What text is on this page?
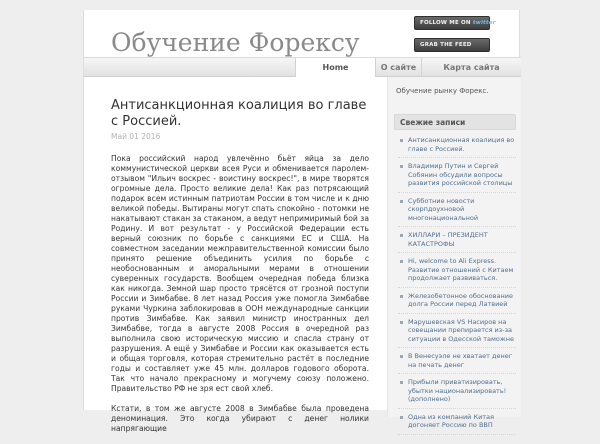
Обучение Форексу
FOLLOW ME ON twitter
GRAB THE FEED
Home	О сайте	Карта сайта
Антисанкционная коалиция во главе с Россией.
Май 01 2016

Пока российский народ увлечённо бьёт яйца за дело коммунистической церкви всея Руси и обменивается паролем-отзывом "Ильич воскрес - воистину воскрес!", в мире творятся огромные дела. Просто великие дела! Как раз потрясающий подарок всем истинным патриотам России в том числе и к дню великой победы. Вытираны могут спать спокойно - потомки не накатывают стакан за стаканом, а ведут непримиримый бой за Родину. И вот результат - у Российской Федерации есть верный союзник по борьбе с санкциями ЕС и США. На совместном заседании межправительственной комиссии было принято решение объединить усилия по борьбе с необоснованным и аморальными мерами в отношении суверенных государств. Вообщем очередная победа близка как никогда. Земной шар просто трясётся от грозной поступи России и Зимбабве. 8 лет назад Россия уже помогла Зимбабве руками Чуркина заблокировав в ООН международные санкции против Зимбабве. Как заявил министр иностранных дел Зимбабве, тогда в августе 2008 Россия в очередной раз выполнила свою историческую миссию и спасла страну от разрушения. А ещё у Зимбабве и России как оказывается есть и общая торговля, которая стремительно растёт в последние годы и составляет уже 45 млн. долларов годового оборота. Так что начало прекрасному и могучему союзу положено. Правительство РФ не зря ест свой хлеб.

Кстати, в том же августе 2008 в Зимбабве была проведена деноминация. Это когда убирают с денег нолики напрягающие

Обучение рынку Форекс.
Свежие записи
Антисанкционная коалиция во главе с Россией.
Владимир Путин и Сергей Собянин обсудили вопросы развития российской столицы
Субботние новости скорпдоухновой многонациональной
ХИЛЛАРИ – ПРЕЗИДЕНТ КАТАСТРОФЫ
Hi, welcome to Ali Express. Развитие отношений с Китаем продолжает развиваться.
Железобетонное обоснование долга России перед Латвией
Марушевская VS Насиров на совещании препирается из-за ситуации в Одесской таможне
В Венесуэле не хватает денег на печать денег
Прибыли приватизировать, убытки национализировать! (дополнено)
Одна из компаний Китая догоняет Россию по ВВП
